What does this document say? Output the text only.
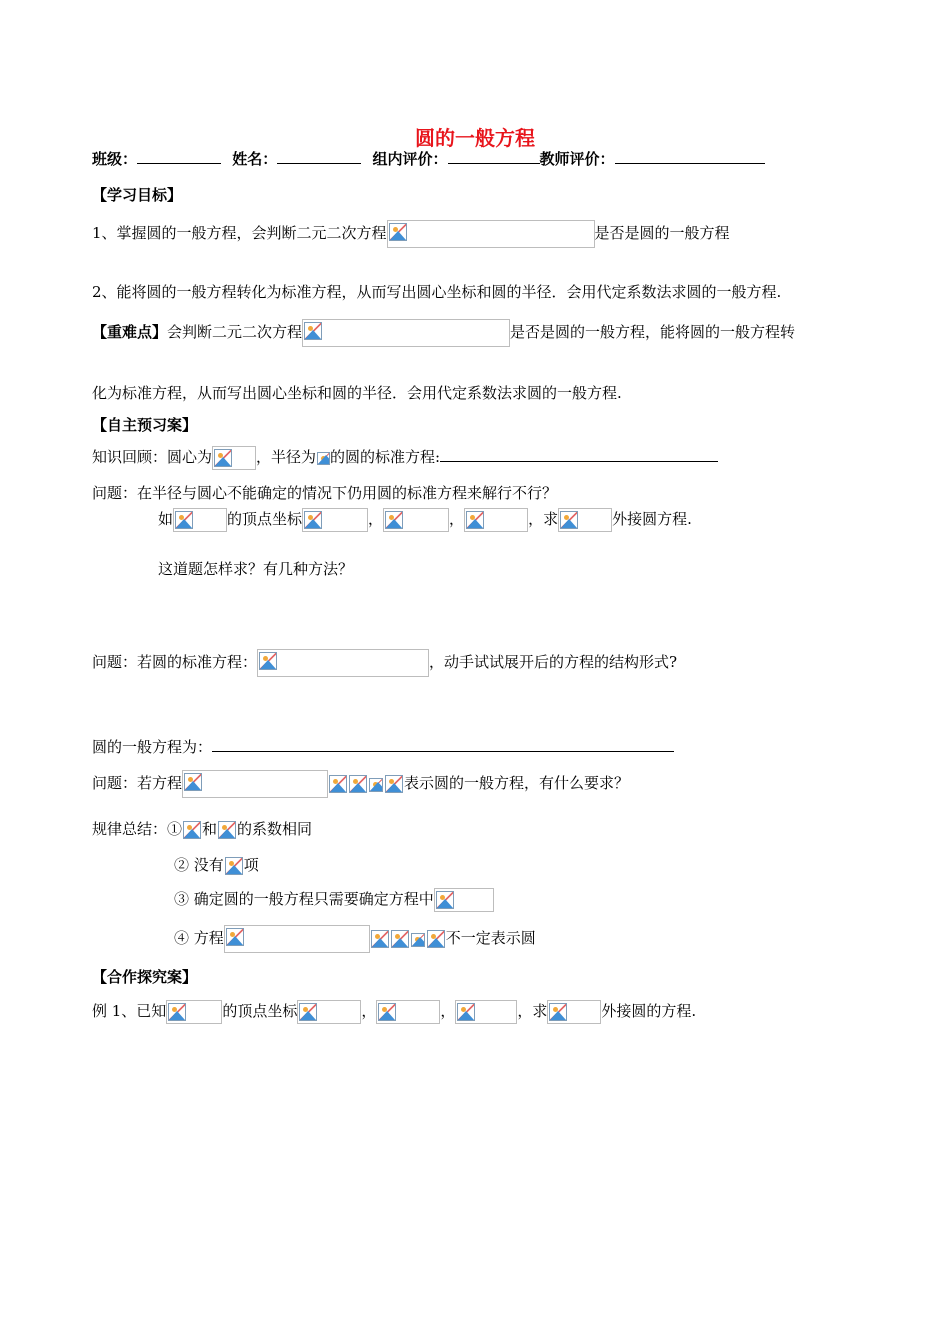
圆的一般方程
班级：	姓名：	组内评价：	教师评价：
【学习目标】
1、掌握圆的一般方程，会判断二元二次方程	是否是圆的一般方程
2、能将圆的一般方程转化为标准方程，从而写出圆心坐标和圆的半径．会用代定系数法求圆的一般方程.
【重难点】会判断二元二次方程	是否是圆的一般方程，能将圆的一般方程转
化为标准方程，从而写出圆心坐标和圆的半径．会用代定系数法求圆的一般方程.
【自主预习案】
知识回顾：圆心为	，半径为 的圆的标准方程:
问题：在半径与圆心不能确定的情况下仍用圆的标准方程来解行不行？
如	的顶点坐标	，	，	，求	外接圆方程.
这道题怎样求？有几种方法？
问题：若圆的标准方程：	，动手试试展开后的方程的结构形式?
圆的一般方程为：
问题：若方程	表示圆的一般方程，有什么要求？
规律总结：① 和 的系数相同
② 没有 项
③ 确定圆的一般方程只需要确定方程中
④ 方程	不一定表示圆
【合作探究案】
例 1、已知	的顶点坐标	，	，	，求	外接圆的方程.
